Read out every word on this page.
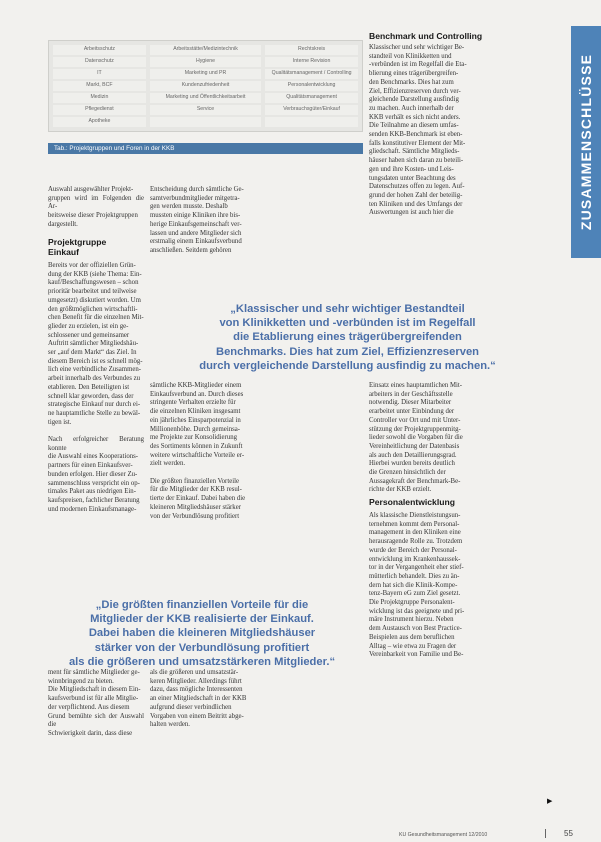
Arbeitsschutz	Arbeitsstätte/Medizintechnik	Rechtskreis
Datenschutz	Hygiene	Interne Revision
IT	Marketing und PR	Qualitätsmanagement / Controlling
Markt, BCF	Kundenzufriedenheit	Personalentwicklung
Medizin	Marketing und Öffentlichkeitsarbeit	Qualitätsmanagement
Pflegedienst	Service	Verbrauchsgüter/Einkauf
Apotheke
Tab.: Projektgruppen und Foren in der KKB	ZUSAMMENSCHLÜSSE
Auswahl ausgewählter Projekt-
gruppen wird im Folgenden die Ar-
beitsweise dieser Projektgruppen
dargestellt.
Projektgruppe
Einkauf
Bereits vor der offiziellen Grün-
dung der KKB (siehe Thema: Ein-
kauf/Beschaffungswesen – schon
prioritär bearbeitet und teilweise
umgesetzt) diskutiert worden. Um
den größtmöglichen wirtschaftli-
chen Benefit für die einzelnen Mit-
glieder zu erzielen, ist ein ge-
schlossener und gemeinsamer
Auftritt sämtlicher Mitgliedshäu-
ser „auf dem Markt“ das Ziel. In
diesem Bereich ist es schnell mög-
lich eine verbindliche Zusammen-
arbeit innerhalb des Verbundes zu
etablieren. Den Beteiligten ist
schnell klar geworden, dass der
strategische Einkauf nur durch ei-
ne hauptamtliche Stelle zu bewäl-
tigen ist.

Nach erfolgreicher Beratung konnte
die Auswahl eines Kooperations-
partners für einen Einkaufsver-
bunden erfolgen. Hier dieser Zu-
sammenschluss verspricht ein op-
timales Paket aus niedrigen Ein-
kaufspreisen, fachlicher Beratung
und modernen Einkaufsmanage-
Entscheidung durch sämtliche Ge-
samtverbundmitglieder mitgetra-
gen werden musste. Deshalb
mussten einige Kliniken ihre bis-
herige Einkaufsgemeinschaft ver-
lassen und andere Mitglieder sich
erstmalig einem Einkaufsverbund
anschließen. Seitdem gehören
Benchmark und Controlling
Klassischer und sehr wichtiger Be-
standteil von Klinikketten und
-verbünden ist im Regelfall die Eta-
blierung eines trägerübergreifen-
den Benchmarks. Dies hat zum
Ziel, Effizienzreserven durch ver-
gleichende Darstellung ausfindig
zu machen. Auch innerhalb der
KKB verhält es sich nicht anders.
Die Teilnahme an diesem umfas-
senden KKB-Benchmark ist eben-
falls konstitutiver Element der Mit-
gliedschaft. Sämtliche Mitglieds-
häuser haben sich daran zu beteili-
gen und ihre Kosten- und Leis-
tungsdaten unter Beachtung des
Datenschutzes offen zu legen. Auf-
grund der hohen Zahl der beteilig-
ten Kliniken und des Umfangs der
Auswertungen ist auch hier die
„Klassischer und sehr wichtiger Bestandteil
von Klinikketten und -verbünden ist im Regelfall
die Etablierung eines trägerübergreifenden
Benchmarks. Dies hat zum Ziel, Effizienzreserven
durch vergleichende Darstellung ausfindig zu machen.“
sämtliche KKB-Mitglieder einem
Einkaufsverbund an. Durch dieses
stringente Verhalten erzielte für
die einzelnen Kliniken insgesamt
ein jährliches Einsparpotenzial in
Millionenhöhe. Durch gemeinsa-
me Projekte zur Konsolidierung
des Sortiments können in Zukunft
weitere wirtschaftliche Vorteile er-
zielt werden.

Die größten finanziellen Vorteile
für die Mitglieder der KKB resul-
tierte der Einkauf. Dabei haben die
kleineren Mitgliedshäuser stärker
von der Verbundlösung profitiert
Einsatz eines hauptamtlichen Mit-
arbeiters in der Geschäftsstelle
notwendig. Dieser Mitarbeiter
erarbeitet unter Einbindung der
Controller vor Ort und mit Unter-
stützung der Projektgruppenmitg-
lieder sowohl die Vorgaben für die
Vereinheitlichung der Datenbasis
als auch den Detaillierungsgrad.
Hierbei wurden bereits deutlich
die Grenzen hinsichtlich der
Aussagekraft der Benchmark-Be-
richte der KKB erzielt.
Personalentwicklung
Als klassische Dienstleistungsun-
ternehmen kommt dem Personal-
management in den Kliniken eine
herausragende Rolle zu. Trotzdem
wurde der Bereich der Personal-
entwicklung im Krankenhaussek-
tor in der Vergangenheit eher stief-
mütterlich behandelt. Dies zu än-
dern hat sich die Klinik-Kompe-
tenz-Bayern eG zum Ziel gesetzt.
Die Projektgruppe Personalent-
wicklung ist das geeignete und pri-
märe Instrument hierzu. Neben
dem Austausch von Best Practice-
Beispielen aus dem beruflichen
Alltag – wie etwa zu Fragen der
Vereinbarkeit von Familie und Be-
„Die größten finanziellen Vorteile für die
Mitglieder der KKB realisierte der Einkauf.
Dabei haben die kleineren Mitgliedshäuser
stärker von der Verbundlösung profitiert
als die größeren und umsatzstärkeren Mitglieder.“
ment für sämtliche Mitglieder ge-
winnbringend zu bieten.
Die Mitgliedschaft in diesem Ein-
kaufsverbund ist für alle Mitglie-
der verpflichtend. Aus diesem
Grund bemühte sich der Auswahl die
Schwierigkeit darin, dass diese
als die größeren und umsatzstär-
keren Mitglieder. Allerdings führt
dazu, dass mögliche Interessenten
an einer Mitgliedschaft in der KKB
aufgrund dieser verbindlichen
Vorgaben von einem Beitritt abge-
halten werden.
▶
KU Gesundheitsmanagement 12/2010	55
